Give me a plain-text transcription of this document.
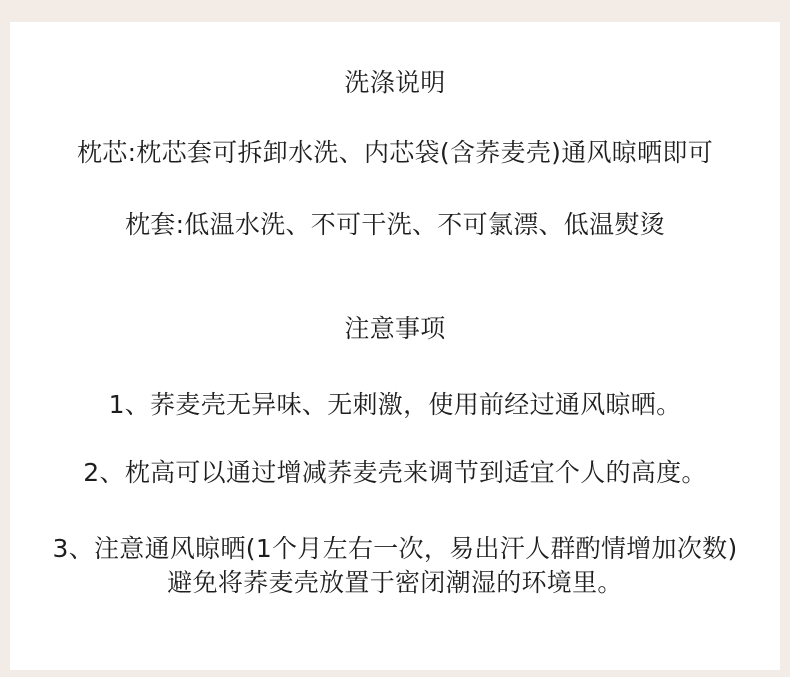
洗涤说明
枕芯:枕芯套可拆卸水洗、内芯袋(含荞麦壳)通风晾晒即可
枕套:低温水洗、不可干洗、不可氯漂、低温熨烫
注意事项
1、荞麦壳无异味、无刺激，使用前经过通风晾晒。
2、枕高可以通过增减荞麦壳来调节到适宜个人的高度。
3、注意通风晾晒(1个月左右一次，易出汗人群酌情增加次数)
避免将荞麦壳放置于密闭潮湿的环境里。
